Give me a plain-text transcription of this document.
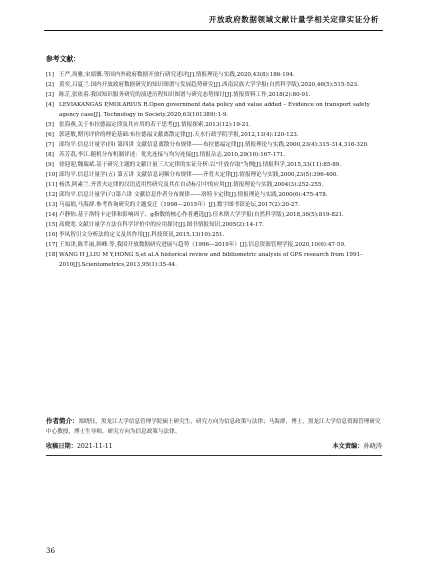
开放政府数据领域文献计量学相关定律实证分析
参考文献：
[1] 王严,周雅,宋婧馨.等国内外政府数据开放行研究述评[J].情报理论与实践,2020,43(8):186-194.
[2] 黄奕,吕夏兰.国内开放政府数据研究的知识图谱与发展趋势研究[J].西南民族大学学报(自然科学版),2020,46(5):515-523.
[3] 陈芷,张依着.我国知识服务研究的演进历程知识图谱与研究态势探讨[J].情报资料工作,2018(2):80-91.
[4] LEVIAKANGAS P,MOLARIUS R.Open government data policy and value added – Evidence on transport safety agency case[J]. Technology in Society,2020,63(101389):1-9.
[5] 张海燕,关于布拉德福定律及其应用的若干思考[J].情报探索,2013(12):19-21.
[6] 郭延敏,期刊评价的理论基础:布拉德福文献离散定律[J].天水行政学院学报,2012,13(4):120-123.
[7] 邱均平.信息计量学(四) 第四讲 文献信息离散分布规律——布拉德福定律[J].情报理论与实践,2000,23(4):315-314,316-320.
[8] 苏芳荔,李江.随机分布机制评述：优先连接与均匀连接[J].情报杂志,2010,29(10):167-171.
[9] 徐迎迎,魏瑞斌.基于研究主题的文献计量三大定律的实证分析:以"开放存取"为例[J].情报科学,2015,33(11):85-89.
[10] 邱均平.信息计量学(五) 第五讲 文献信息词频分布规律——齐普夫定律[J].情报理论与实践,2000,23(5):396-400.
[11] 杨洪,阿素兰.齐普夫定律的汉语适用性研究及其在自动标引中的应用[J].情报理论与实践,2004(3):252-255.
[12] 邱均平.信息计量学(六)第六讲 文献信息作者分布规律——洛特卡定律[J].情报理论与实践,2000(6):475-478.
[13] 马福娟,马海群.参考咨询研究的主题变迁（1998—2015年）[J].数字图书馆论坛,2017(2):20-27.
[14] 卢静怡.基于洛特卡定律和影响因子、g指数的核心作者遴选[J].佳木斯大学学报(自然科学版),2018,36(5):819-821.
[15] 高晓宽.文献计量学方法在科学评价中的应用探讨[J].图书情报知识,2005(2):14-17.
[16] 李凤智引文分析法的定义及其作用[J].科技资讯,2015,13(10):251.
[17] 王知津,陈芊丽,韩峰.等,我国开放数据研究进展与趋势（1996—2019年）[J].信息资源管理学报,2020,10(6):47-59.
[18] WANG H J,LIU M Y,HONG S,et al.A historical review and bibliometric analysis of GPS research from 1991–2010[J].Scientometrics,2013,95(1):35-44.
作者简介：郑晓钰，黑龙江大学信息管理学院硕士研究生，研究方向为信息政策与法律；马海群，博士，黑龙江大学信息资源管理研究中心教授，博士生导师，研究方向为信息政策与法律。
收稿日期：2021-11-11	本文责编：孙晓涛
36
